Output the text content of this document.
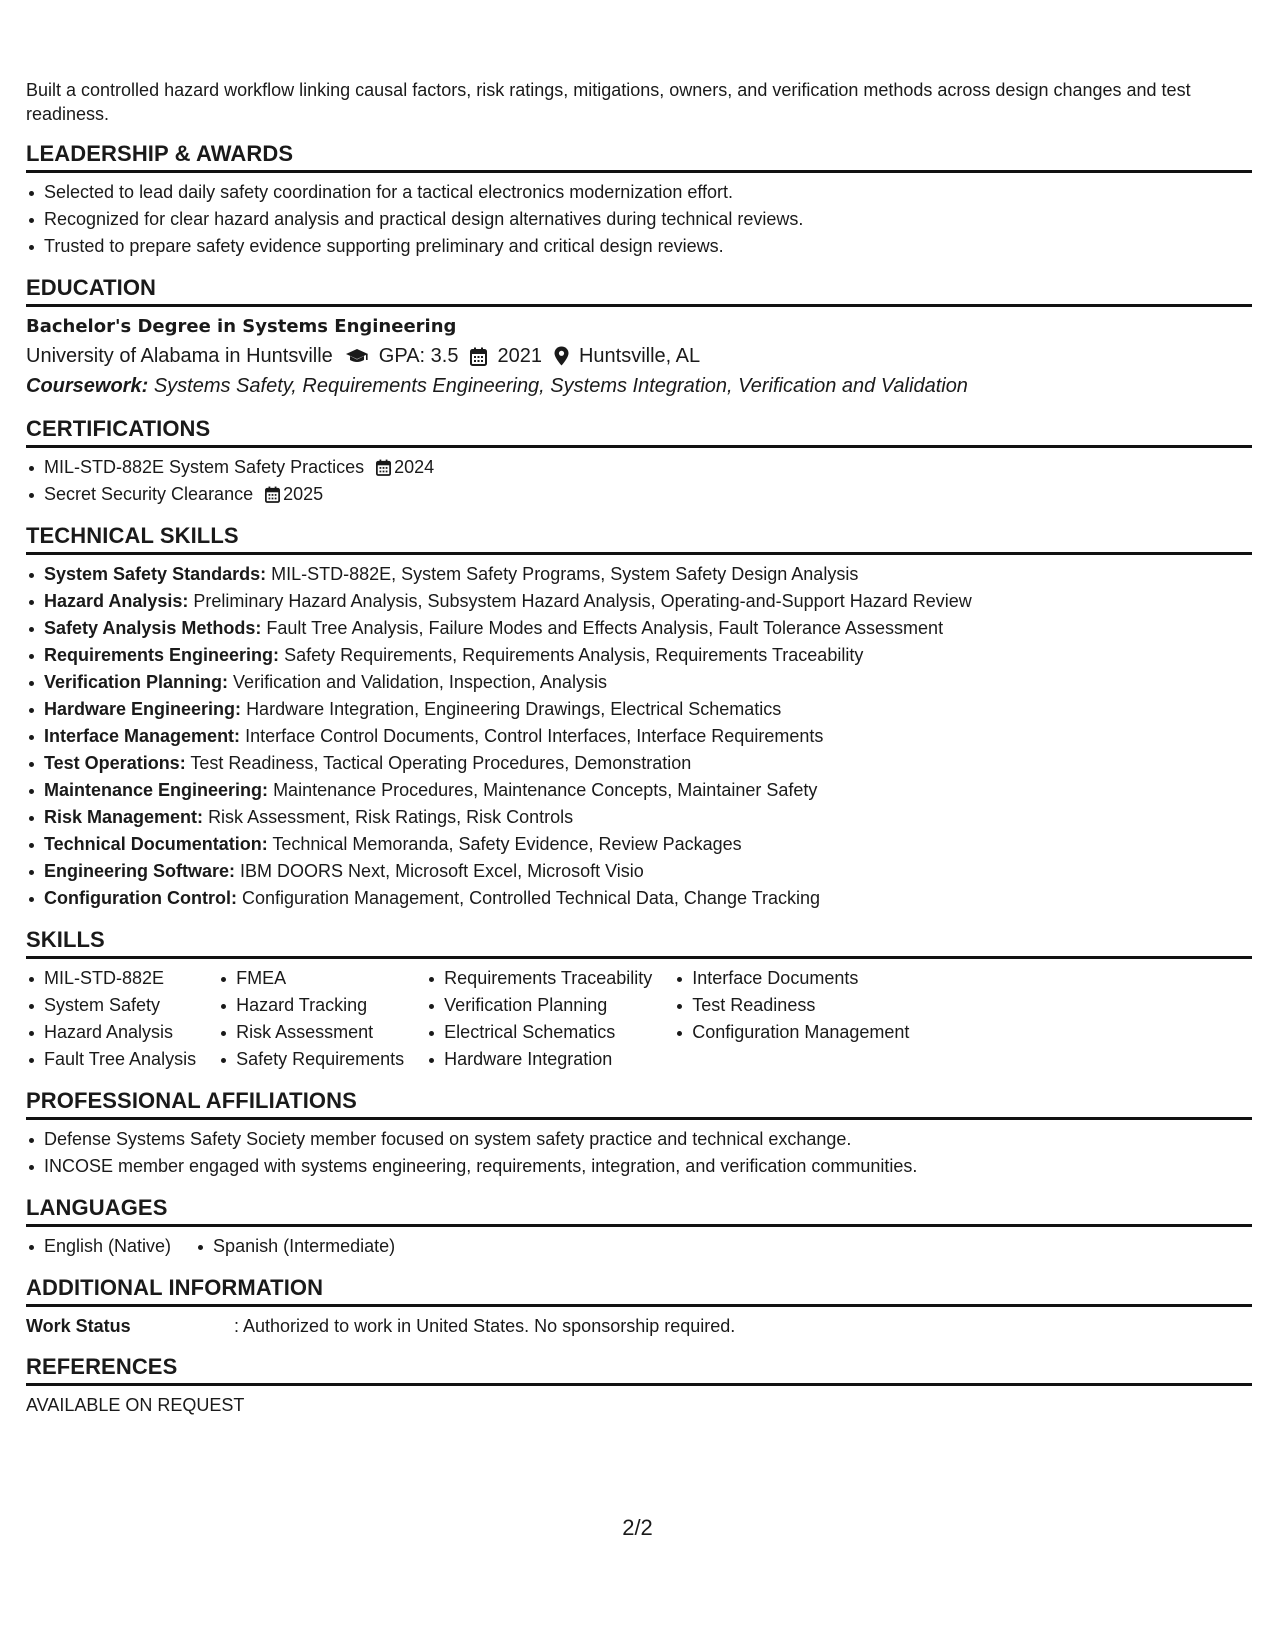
Built a controlled hazard workflow linking causal factors, risk ratings, mitigations, owners, and verification methods across design changes and test readiness.

LEADERSHIP & AWARDS
Selected to lead daily safety coordination for a tactical electronics modernization effort.
Recognized for clear hazard analysis and practical design alternatives during technical reviews.
Trusted to prepare safety evidence supporting preliminary and critical design reviews.
EDUCATION
Bachelor's Degree in Systems Engineering
University of Alabama in Huntsville GPA: 3.5 2021 Huntsville, AL
Coursework: Systems Safety, Requirements Engineering, Systems Integration, Verification and Validation
CERTIFICATIONS
MIL-STD-882E System Safety Practices 2024
Secret Security Clearance 2025
TECHNICAL SKILLS
System Safety Standards: MIL-STD-882E, System Safety Programs, System Safety Design Analysis
Hazard Analysis: Preliminary Hazard Analysis, Subsystem Hazard Analysis, Operating-and-Support Hazard Review
Safety Analysis Methods: Fault Tree Analysis, Failure Modes and Effects Analysis, Fault Tolerance Assessment
Requirements Engineering: Safety Requirements, Requirements Analysis, Requirements Traceability
Verification Planning: Verification and Validation, Inspection, Analysis
Hardware Engineering: Hardware Integration, Engineering Drawings, Electrical Schematics
Interface Management: Interface Control Documents, Control Interfaces, Interface Requirements
Test Operations: Test Readiness, Tactical Operating Procedures, Demonstration
Maintenance Engineering: Maintenance Procedures, Maintenance Concepts, Maintainer Safety
Risk Management: Risk Assessment, Risk Ratings, Risk Controls
Technical Documentation: Technical Memoranda, Safety Evidence, Review Packages
Engineering Software: IBM DOORS Next, Microsoft Excel, Microsoft Visio
Configuration Control: Configuration Management, Controlled Technical Data, Change Tracking
SKILLS
MIL-STD-882E
System Safety
Hazard Analysis
Fault Tree Analysis
FMEA
Hazard Tracking
Risk Assessment
Safety Requirements
Requirements Traceability
Verification Planning
Electrical Schematics
Hardware Integration
Interface Documents
Test Readiness
Configuration Management
PROFESSIONAL AFFILIATIONS
Defense Systems Safety Society member focused on system safety practice and technical exchange.
INCOSE member engaged with systems engineering, requirements, integration, and verification communities.
LANGUAGES
English (Native)	Spanish (Intermediate)
ADDITIONAL INFORMATION
Work Status	: Authorized to work in United States. No sponsorship required.
REFERENCES
AVAILABLE ON REQUEST
2/2
